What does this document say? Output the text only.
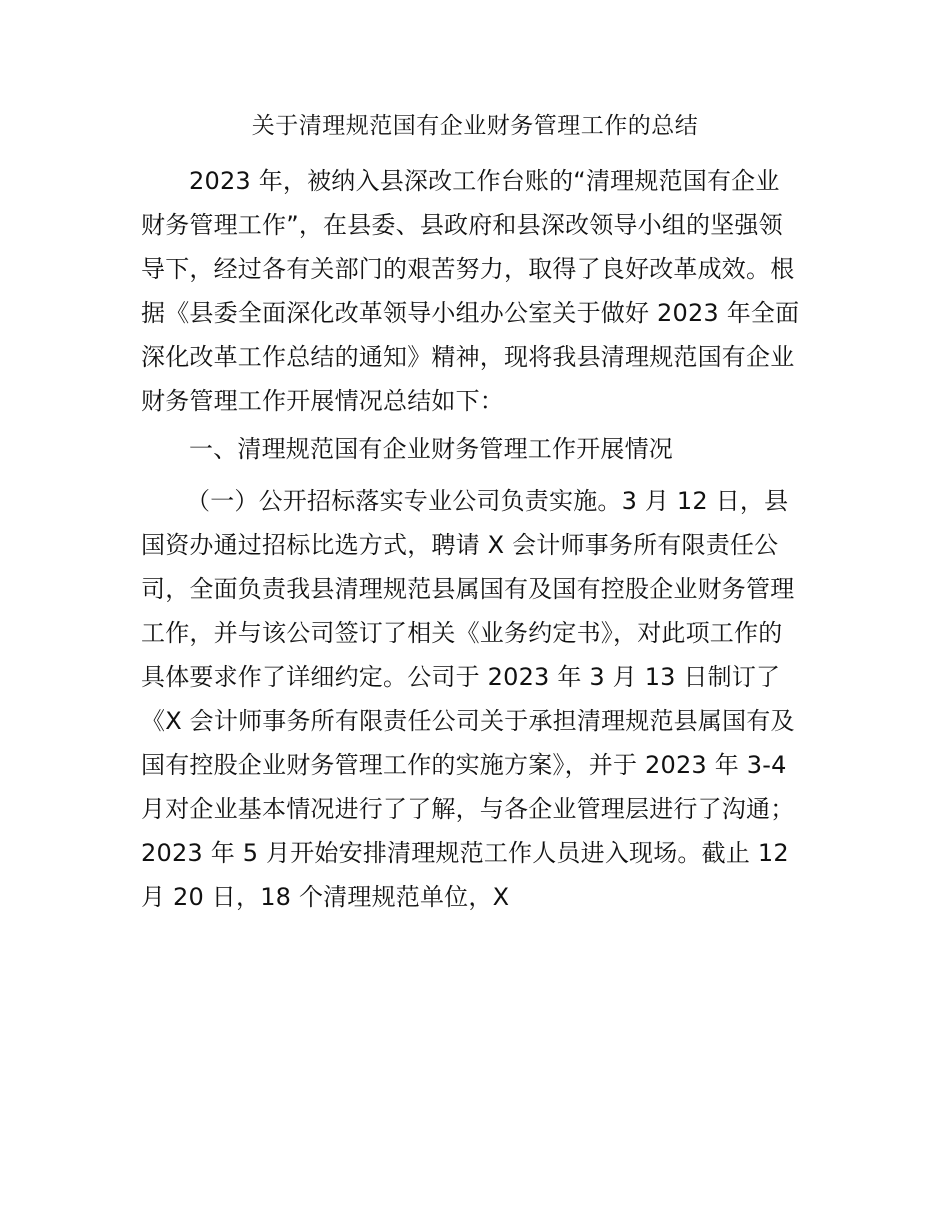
关于清理规范国有企业财务管理工作的总结
2023 年，被纳入县深改工作台账的“清理规范国有企业
财务管理工作”，在县委、县政府和县深改领导小组的坚强领
导下，经过各有关部门的艰苦努力，取得了良好改革成效。根
据《县委全面深化改革领导小组办公室关于做好 2023 年全面
深化改革工作总结的通知》精神，现将我县清理规范国有企业
财务管理工作开展情况总结如下：
一、清理规范国有企业财务管理工作开展情况
（一）公开招标落实专业公司负责实施。3 月 12 日，县
国资办通过招标比选方式，聘请 X 会计师事务所有限责任公
司，全面负责我县清理规范县属国有及国有控股企业财务管理
工作，并与该公司签订了相关《业务约定书》，对此项工作的
具体要求作了详细约定。公司于 2023 年 3 月 13 日制订了
《X 会计师事务所有限责任公司关于承担清理规范县属国有及
国有控股企业财务管理工作的实施方案》，并于 2023 年 3-4
月对企业基本情况进行了了解，与各企业管理层进行了沟通；
2023 年 5 月开始安排清理规范工作人员进入现场。截止 12
月 20 日，18 个清理规范单位，X
